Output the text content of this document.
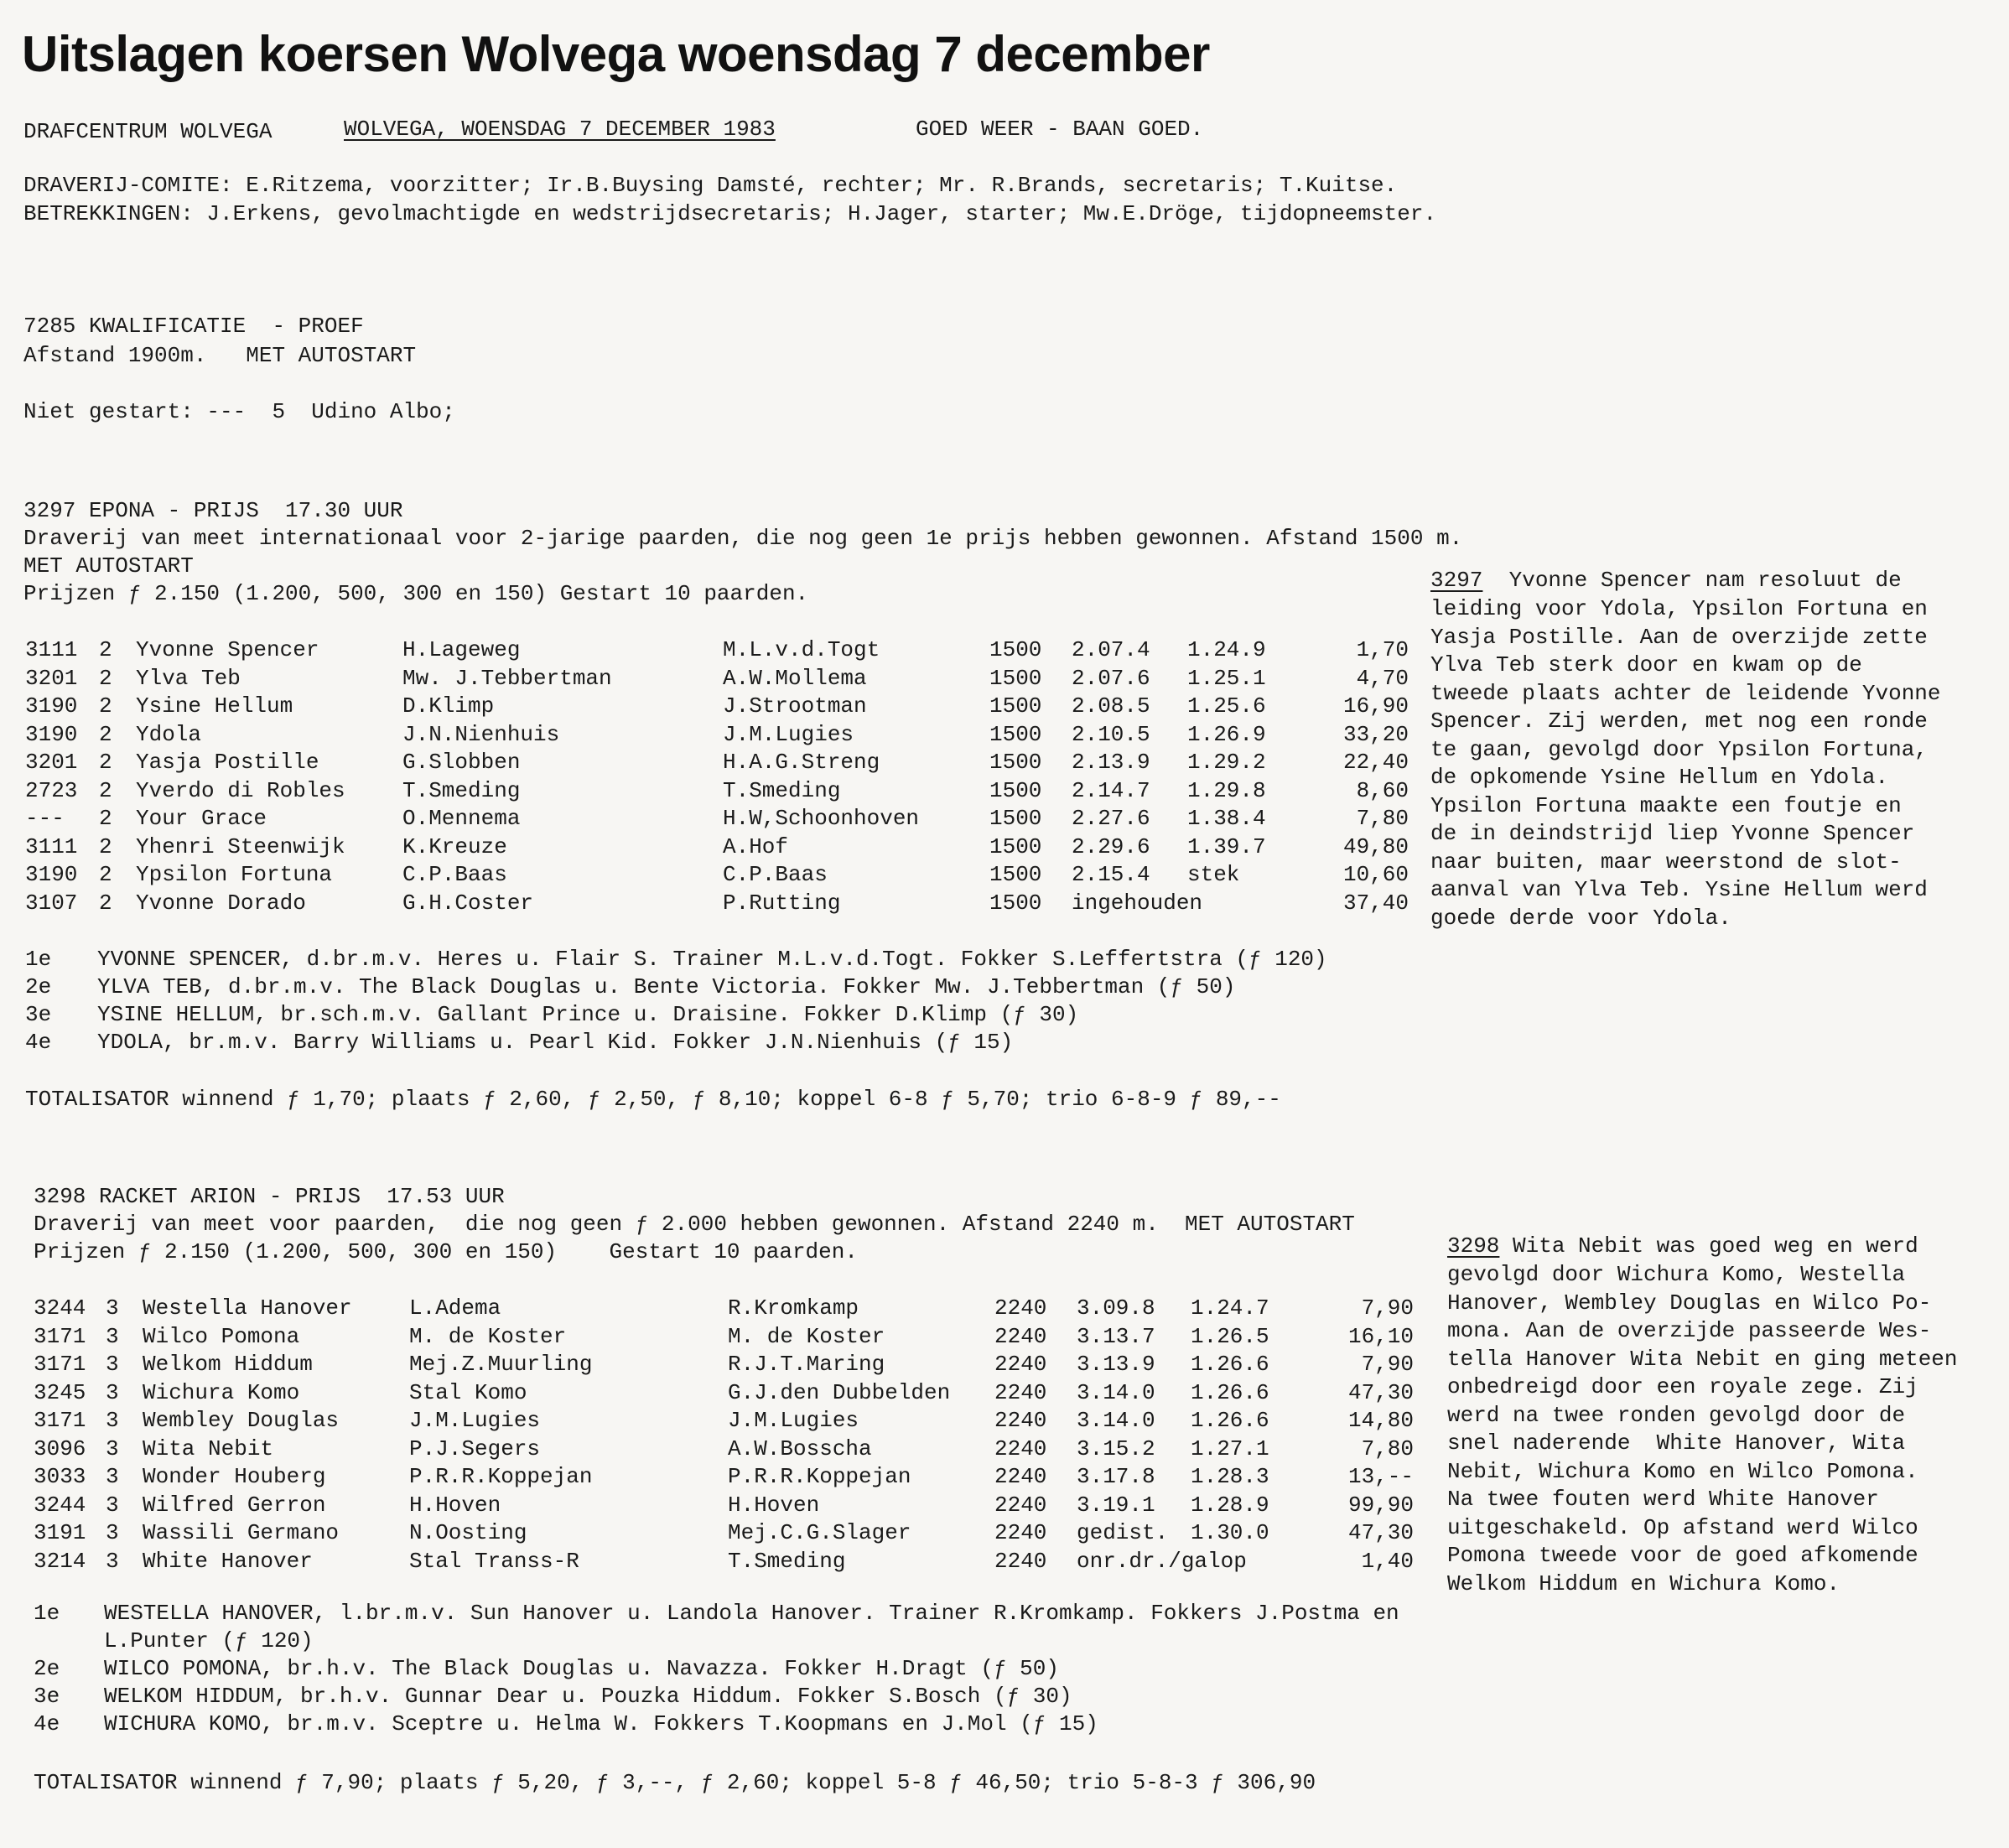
Uitslagen koersen Wolvega woensdag 7 december
DRAFCENTRUM WOLVEGA	WOLVEGA, WOENSDAG 7 DECEMBER 1983	GOED WEER - BAAN GOED.
DRAVERIJ-COMITE: E.Ritzema, voorzitter; Ir.B.Buysing Damsté, rechter; Mr. R.Brands, secretaris; T.Kuitse.
BETREKKINGEN: J.Erkens, gevolmachtigde en wedstrijdsecretaris; H.Jager, starter; Mw.E.Dröge, tijdopneemster.
7285 KWALIFICATIE  - PROEF
Afstand 1900m.   MET AUTOSTART
Niet gestart: ---  5  Udino Albo;
3297 EPONA - PRIJS  17.30 UUR
Draverij van meet internationaal voor 2-jarige paarden, die nog geen 1e prijs hebben gewonnen. Afstand 1500 m.
MET AUTOSTART
Prijzen ƒ 2.150 (1.200, 500, 300 en 150) Gestart 10 paarden.
3111 2 Yvonne Spencer	H.Lageweg	M.L.v.d.Togt	1500 2.07.4 1.24.9	1,70
3201 2 Ylva Teb	Mw. J.Tebbertman	A.W.Mollema	1500 2.07.6 1.25.1	4,70
3190 2 Ysine Hellum	D.Klimp	J.Strootman	1500 2.08.5 1.25.6	16,90
3190 2 Ydola	J.N.Nienhuis	J.M.Lugies	1500 2.10.5 1.26.9	33,20
3201 2 Yasja Postille	G.Slobben	H.A.G.Streng	1500 2.13.9 1.29.2	22,40
2723 2 Yverdo di Robles	T.Smeding	T.Smeding	1500 2.14.7 1.29.8	8,60
--- 2 Your Grace	O.Mennema	H.W,Schoonhoven	1500 2.27.6 1.38.4	7,80
3111 2 Yhenri Steenwijk	K.Kreuze	A.Hof	1500 2.29.6 1.39.7	49,80
3190 2 Ypsilon Fortuna	C.P.Baas	C.P.Baas	1500 2.15.4 stek	10,60
3107 2 Yvonne Dorado	G.H.Coster	P.Rutting	1500 ingehouden	37,40
1e YVONNE SPENCER, d.br.m.v. Heres u. Flair S. Trainer M.L.v.d.Togt. Fokker S.Leffertstra (ƒ 120)
2e YLVA TEB, d.br.m.v. The Black Douglas u. Bente Victoria. Fokker Mw. J.Tebbertman (ƒ 50)
3e YSINE HELLUM, br.sch.m.v. Gallant Prince u. Draisine. Fokker D.Klimp (ƒ 30)
4e YDOLA, br.m.v. Barry Williams u. Pearl Kid. Fokker J.N.Nienhuis (ƒ 15)
TOTALISATOR winnend ƒ 1,70; plaats ƒ 2,60, ƒ 2,50, ƒ 8,10; koppel 6-8 ƒ 5,70; trio 6-8-9 ƒ 89,--
3297  Yvonne Spencer nam resoluut de
leiding voor Ydola, Ypsilon Fortuna en
Yasja Postille. Aan de overzijde zette
Ylva Teb sterk door en kwam op de
tweede plaats achter de leidende Yvonne
Spencer. Zij werden, met nog een ronde
te gaan, gevolgd door Ypsilon Fortuna,
de opkomende Ysine Hellum en Ydola.
Ypsilon Fortuna maakte een foutje en
de in deindstrijd liep Yvonne Spencer
naar buiten, maar weerstond de slot-
aanval van Ylva Teb. Ysine Hellum werd
goede derde voor Ydola.
3298 RACKET ARION - PRIJS  17.53 UUR
Draverij van meet voor paarden,  die nog geen ƒ 2.000 hebben gewonnen. Afstand 2240 m.  MET AUTOSTART
Prijzen ƒ 2.150 (1.200, 500, 300 en 150)    Gestart 10 paarden.
3244 3 Westella Hanover	L.Adema	R.Kromkamp	2240 3.09.8 1.24.7	7,90
3171 3 Wilco Pomona	M. de Koster	M. de Koster	2240 3.13.7 1.26.5	16,10
3171 3 Welkom Hiddum	Mej.Z.Muurling	R.J.T.Maring	2240 3.13.9 1.26.6	7,90
3245 3 Wichura Komo	Stal Komo	G.J.den Dubbelden 2240 3.14.0 1.26.6	47,30
3171 3 Wembley Douglas	J.M.Lugies	J.M.Lugies	2240 3.14.0 1.26.6	14,80
3096 3 Wita Nebit	P.J.Segers	A.W.Bosscha	2240 3.15.2 1.27.1	7,80
3033 3 Wonder Houberg	P.R.R.Koppejan	P.R.R.Koppejan	2240 3.17.8 1.28.3	13,--
3244 3 Wilfred Gerron	H.Hoven	H.Hoven	2240 3.19.1 1.28.9	99,90
3191 3 Wassili Germano	N.Oosting	Mej.C.G.Slager	2240 gedist. 1.30.0	47,30
3214 3 White Hanover	Stal Transs-R	T.Smeding	2240 onr.dr./galop	1,40
1e WESTELLA HANOVER, l.br.m.v. Sun Hanover u. Landola Hanover. Trainer R.Kromkamp. Fokkers J.Postma en
L.Punter (ƒ 120)
2e WILCO POMONA, br.h.v. The Black Douglas u. Navazza. Fokker H.Dragt (ƒ 50)
3e WELKOM HIDDUM, br.h.v. Gunnar Dear u. Pouzka Hiddum. Fokker S.Bosch (ƒ 30)
4e WICHURA KOMO, br.m.v. Sceptre u. Helma W. Fokkers T.Koopmans en J.Mol (ƒ 15)
TOTALISATOR winnend ƒ 7,90; plaats ƒ 5,20, ƒ 3,--, ƒ 2,60; koppel 5-8 ƒ 46,50; trio 5-8-3 ƒ 306,90
3298 Wita Nebit was goed weg en werd
gevolgd door Wichura Komo, Westella
Hanover, Wembley Douglas en Wilco Po-
mona. Aan de overzijde passeerde Wes-
tella Hanover Wita Nebit en ging meteen
onbedreigd door een royale zege. Zij
werd na twee ronden gevolgd door de
snel naderende  White Hanover, Wita
Nebit, Wichura Komo en Wilco Pomona.
Na twee fouten werd White Hanover
uitgeschakeld. Op afstand werd Wilco
Pomona tweede voor de goed afkomende
Welkom Hiddum en Wichura Komo.
